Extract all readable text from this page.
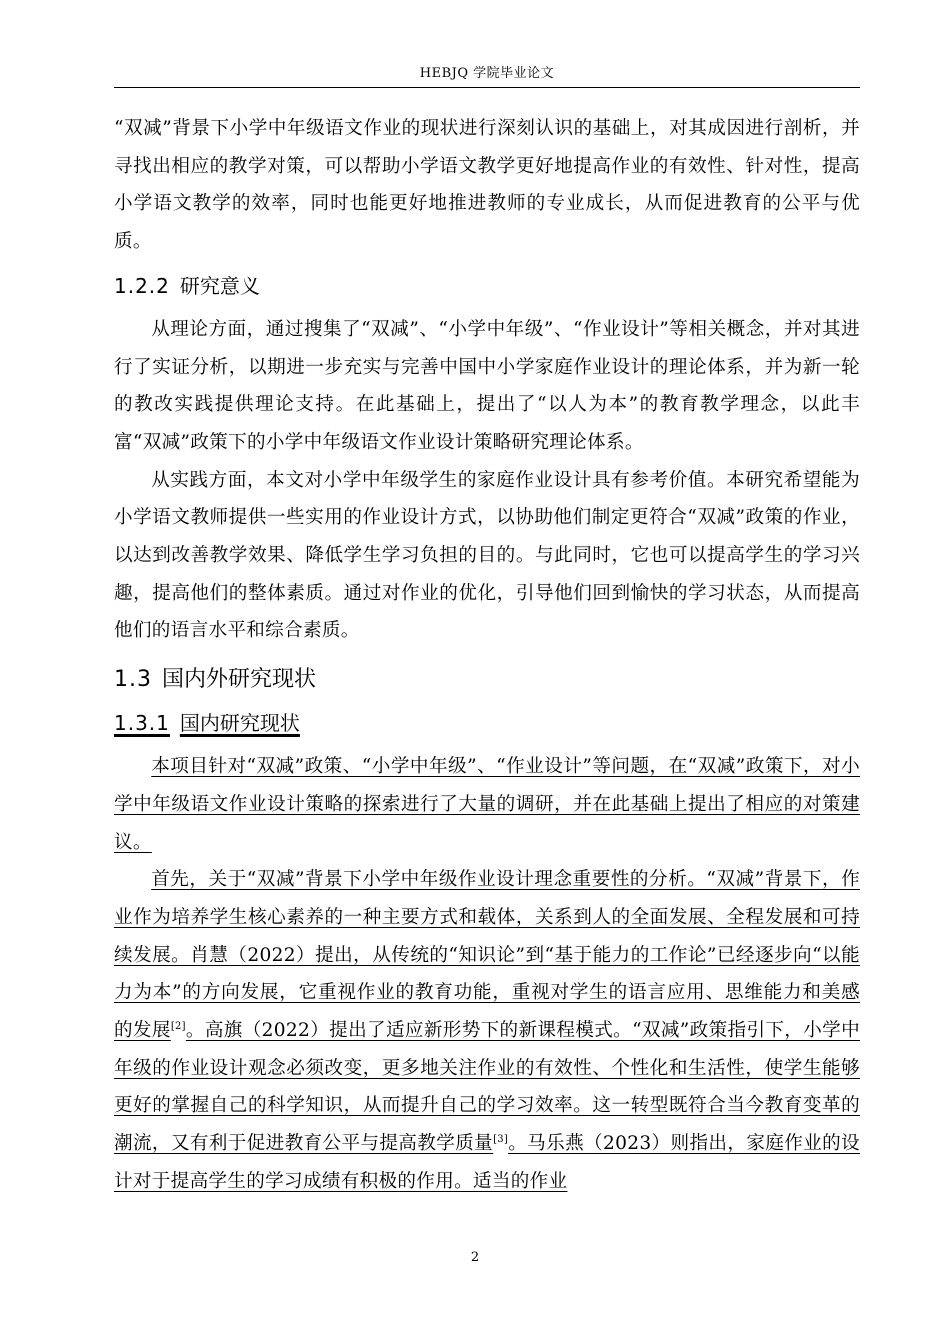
HEBJQ 学院毕业论文

“双减”背景下小学中年级语文作业的现状进行深刻认识的基础上，对其成因进行剖析，并寻找出相应的教学对策，可以帮助小学语文教学更好地提高作业的有效性、针对性，提高小学语文教学的效率，同时也能更好地推进教师的专业成长，从而促进教育的公平与优质。

1.2.2 研究意义

从理论方面，通过搜集了“双减”、“小学中年级”、“作业设计”等相关概念，并对其进行了实证分析，以期进一步充实与完善中国中小学家庭作业设计的理论体系，并为新一轮的教改实践提供理论支持。在此基础上，提出了“以人为本”的教育教学理念，以此丰富“双减”政策下的小学中年级语文作业设计策略研究理论体系。

从实践方面，本文对小学中年级学生的家庭作业设计具有参考价值。本研究希望能为小学语文教师提供一些实用的作业设计方式，以协助他们制定更符合“双减”政策的作业，以达到改善教学效果、降低学生学习负担的目的。与此同时，它也可以提高学生的学习兴趣，提高他们的整体素质。通过对作业的优化，引导他们回到愉快的学习状态，从而提高他们的语言水平和综合素质。

1.3 国内外研究现状
1.3.1 国内研究现状

本项目针对“双减”政策、“小学中年级”、“作业设计”等问题，在“双减”政策下，对小学中年级语文作业设计策略的探索进行了大量的调研，并在此基础上提出了相应的对策建议。

首先，关于“双减”背景下小学中年级作业设计理念重要性的分析。“双减”背景下，作业作为培养学生核心素养的一种主要方式和载体，关系到人的全面发展、全程发展和可持续发展。肖慧（2022）提出，从传统的“知识论”到“基于能力的工作论”已经逐步向“以能力为本”的方向发展，它重视作业的教育功能，重视对学生的语言应用、思维能力和美感的发展[2]。高旗（2022）提出了适应新形势下的新课程模式。“双减”政策指引下，小学中年级的作业设计观念必须改变，更多地关注作业的有效性、个性化和生活性，使学生能够更好的掌握自己的科学知识，从而提升自己的学习效率。这一转型既符合当今教育变革的潮流，又有利于促进教育公平与提高教学质量[3]。马乐燕（2023）则指出，家庭作业的设计对于提高学生的学习成绩有积极的作用。适当的作业

2
